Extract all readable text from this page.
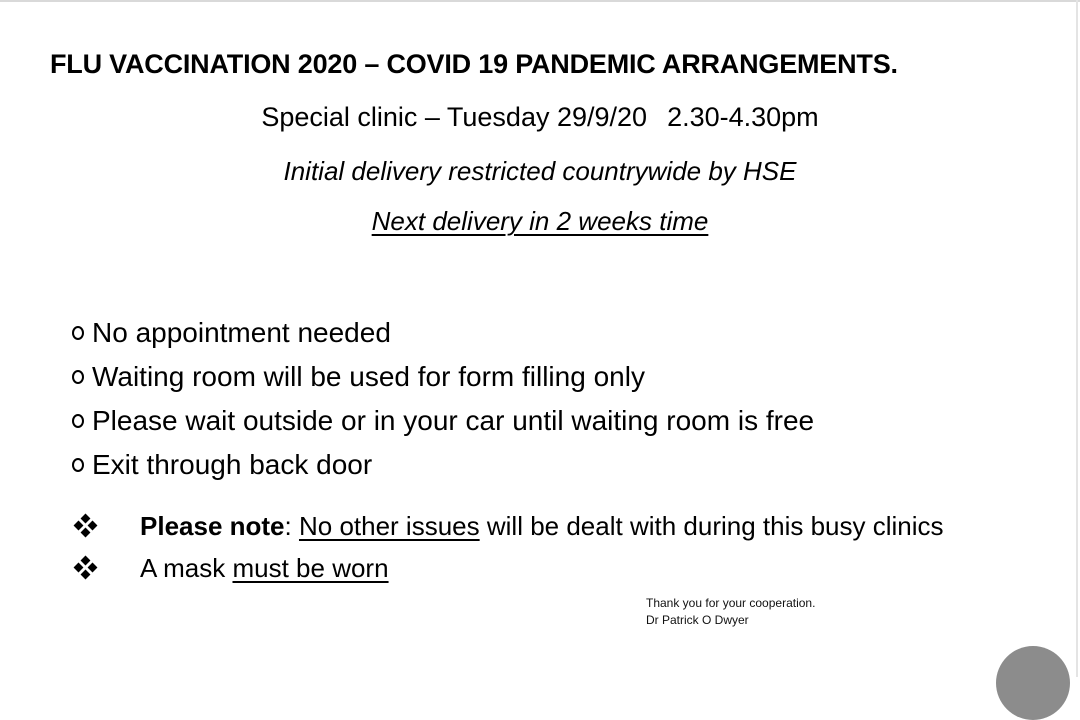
FLU VACCINATION 2020 – COVID 19 PANDEMIC ARRANGEMENTS.
Special clinic – Tuesday 29/9/20 2.30-4.30pm
Initial delivery restricted countrywide by HSE
Next delivery in 2 weeks time
No appointment needed
Waiting room will be used for form filling only
Please wait outside or in your car until waiting room is free
Exit through back door
Please note :
No other issues
will be dealt with during this busy clinics
A mask
must be worn
Thank you for your cooperation.
Dr Patrick O Dwyer
